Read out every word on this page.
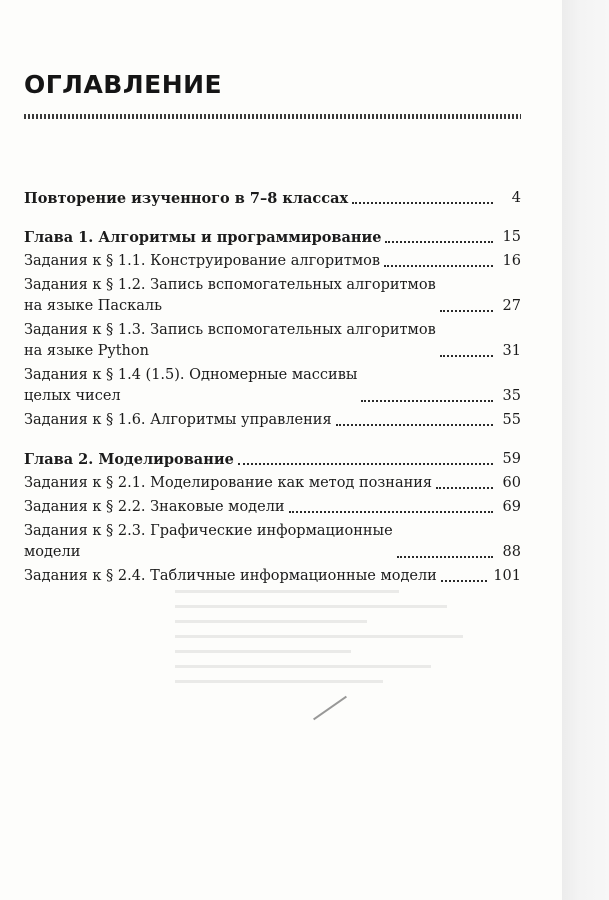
ОГЛАВЛЕНИЕ
Повторение изученного в 7–8 классах	4
Глава 1. Алгоритмы и программирование	15
Задания к § 1.1. Конструирование алгоритмов	16
Задания к § 1.2. Запись вспомогательных алгоритмов
на языке Паскаль	27
Задания к § 1.3. Запись вспомогательных алгоритмов
на языке Python	31
Задания к § 1.4 (1.5). Одномерные массивы
целых чисел	35
Задания к § 1.6. Алгоритмы управления	55
Глава 2. Моделирование	59
Задания к § 2.1. Моделирование как метод познания	60
Задания к § 2.2. Знаковые модели	69
Задания к § 2.3. Графические информационные
модели	88
Задания к § 2.4. Табличные информационные модели	101
